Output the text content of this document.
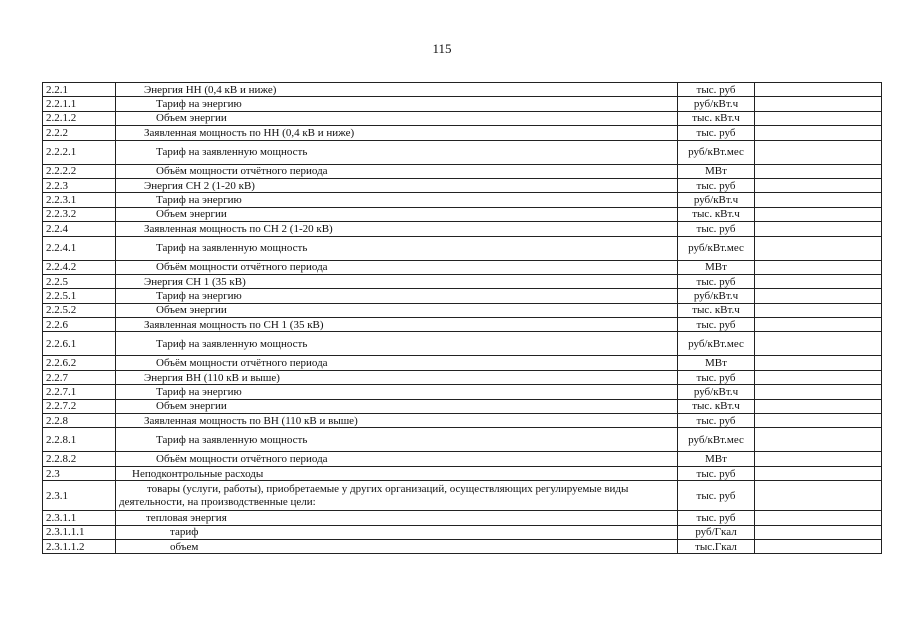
115
2.2.1	Энергия НН (0,4 кВ и ниже)	тыс. руб	
2.2.1.1	Тариф на энергию	руб/кВт.ч	
2.2.1.2	Объем энергии	тыс. кВт.ч	
2.2.2	Заявленная мощность по НН (0,4 кВ и ниже)	тыс. руб	
2.2.2.1	Тариф на заявленную мощность	руб/кВт.мес	
2.2.2.2	Объём мощности отчётного периода	МВт	
2.2.3	Энергия СН 2 (1-20 кВ)	тыс. руб	
2.2.3.1	Тариф на энергию	руб/кВт.ч	
2.2.3.2	Объем энергии	тыс. кВт.ч	
2.2.4	Заявленная мощность по СН 2 (1-20 кВ)	тыс. руб	
2.2.4.1	Тариф на заявленную мощность	руб/кВт.мес	
2.2.4.2	Объём мощности отчётного периода	МВт	
2.2.5	Энергия СН 1 (35 кВ)	тыс. руб	
2.2.5.1	Тариф на энергию	руб/кВт.ч	
2.2.5.2	Объем энергии	тыс. кВт.ч	
2.2.6	Заявленная мощность по СН 1 (35 кВ)	тыс. руб	
2.2.6.1	Тариф на заявленную мощность	руб/кВт.мес	
2.2.6.2	Объём мощности отчётного периода	МВт	
2.2.7	Энергия ВН (110 кВ и выше)	тыс. руб	
2.2.7.1	Тариф на энергию	руб/кВт.ч	
2.2.7.2	Объем энергии	тыс. кВт.ч	
2.2.8	Заявленная мощность по ВН (110 кВ и выше)	тыс. руб	
2.2.8.1	Тариф на заявленную мощность	руб/кВт.мес	
2.2.8.2	Объём мощности отчётного периода	МВт	
2.3	Неподконтрольные расходы	тыс. руб	
2.3.1	товары (услуги, работы), приобретаемые у других организаций, осуществляющих регулируемые виды деятельности, на производственные цели:	тыс. руб	
2.3.1.1	тепловая энергия	тыс. руб	
2.3.1.1.1	тариф	руб/Гкал	
2.3.1.1.2	объем	тыс.Гкал	
